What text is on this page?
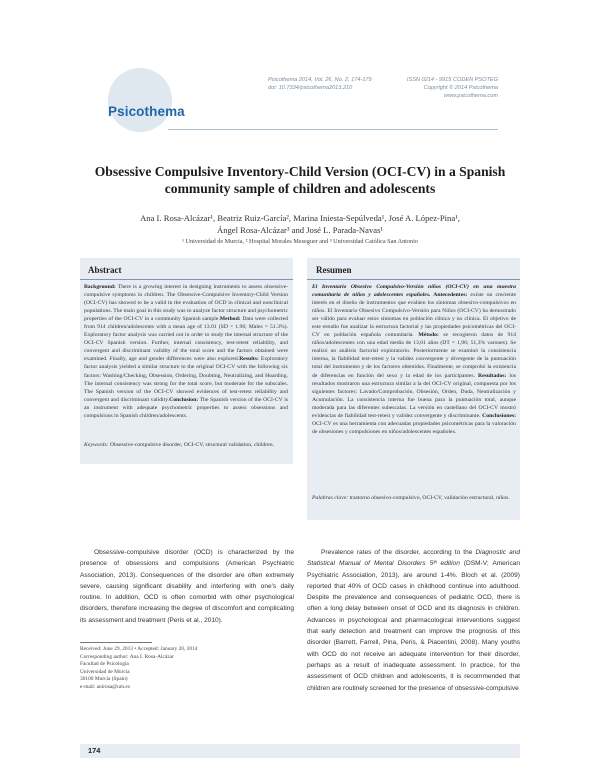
Psicothema
Psicothema 2014, Vol. 26, No. 2, 174-179
doi: 10.7334/psicothema2013.210
ISSN 0214 - 9915 CODEN PSOTEG
Copyright © 2014 Psicothema
www.psicothema.com
Obsessive Compulsive Inventory-Child Version (OCI-CV) in a Spanish
community sample of children and adolescents
Ana I. Rosa-Alcázar¹, Beatriz Ruiz-García², Marina Iniesta-Sepúlveda¹, José A. López-Pina¹,
Ángel Rosa-Alcázar³ and José L. Parada-Navas¹
¹ Universidad de Murcia, ² Hospital Morales Meseguer and ³ Universidad Católica San Antonio
Abstract
Background: There is a growing interest in designing instruments to assess obsessive-compulsive symptoms in children. The Obsessive-Compulsive Inventory-Child Version (OCI-CV) has showed to be a valid in the evaluation of OCD in clinical and nonclinical populations. The main goal in this study was to analyze factor structure and psychometric properties of the OCI-CV in a community Spanish sample.Method: Data were collected from 914 children/adolescents with a mean age of 13.01 (SD = 1.96; Males = 51.3%). Exploratory factor analysis was carried out in order to study the internal structure of the OCI-CV Spanish version. Further, internal consistency, test-retest reliability, and convergent and discriminant validity of the total score and the factors obtained were examined. Finally, age and gender differences were also explored.Results: Exploratory factor analysis yielded a similar structure to the original OCI-CV with the following six factors: Washing/Checking, Obsession, Ordering, Doubting, Neutralizing, and Hoarding. The internal consistency was strong for the total score, but moderate for the subscales. The Spanish version of the OCI-CV showed evidences of test-retest reliability and convergent and discriminant validity.Conclusion: The Spanish version of the OCI-CV is an instrument with adequate psychometric properties to assess obsessions and compulsions in Spanish children/adolescents.
Keywords: Obsessive-compulsive disorder, OCI-CV, structural validation, children.
Resumen
El Inventario Obsesivo Compulsivo-Versión niños (OCI-CV) en una muestra comunitaria de niños y adolescentes españoles. Antecedentes: existe un creciente interés en el diseño de instrumentos que evalúen los síntomas obsesivo-compulsivos en niños. El Inventario Obsesivo Compulsivo-Versión para Niños (OCI-CV) ha demostrado ser válido para evaluar estos síntomas en población clínica y no clínica. El objetivo de este estudio fue analizar la estructura factorial y las propiedades psicométricas del OCI-CV en población española comunitaria. Método: se recogieron datos de 914 niños/adolescentes con una edad media de 13,01 años (DT = 1,96; 51,3% varones). Se realizó un análisis factorial exploratorio. Posteriormente se examinó la consistencia interna, la fiabilidad test-retest y la validez convergente y divergente de la puntuación total del instrumento y de los factores obtenidos. Finalmente, se comprobó la existencia de diferencias en función del sexo y la edad de los participantes. Resultados: los resultados mostraron una estructura similar a la del OCI-CV original, compuesta por los siguientes factores: Lavado/Comprobación, Obsesión, Orden, Duda, Neutralización y Acumulación. La consistencia interna fue buena para la puntuación total, aunque moderada para las diferentes subescalas. La versión en castellano del OCI-CV mostró evidencias de fiabilidad test-retest y validez convergente y discriminante. Conclusiones: OCI-CV es una herramienta con adecuadas propiedades psicométricas para la valoración de obsesiones y compulsiones en niños/adolescentes españoles.
Palabras clave: trastorno obsesivo-compulsivo, OCI-CV, validación estructural, niños.
Obsessive-compulsive disorder (OCD) is characterized by the presence of obsessions and compulsions (American Psychiatric Association, 2013). Consequences of the disorder are often extremely severe, causing significant disability and interfering with one's daily routine. In addition, OCD is often comorbid with other psychological disorders, therefore increasing the degree of discomfort and complicating its assessment and treatment (Peris et al., 2010).
Prevalence rates of the disorder, according to the Diagnostic and Statistical Manual of Mental Disorders 5ᵗʰ edition (DSM-V; American Psychiatric Association, 2013), are around 1-4%. Bloch et al. (2009) reported that 40% of OCD cases in childhood continue into adulthood. Despite the prevalence and consequences of pediatric OCD, there is often a long delay between onset of OCD and its diagnosis in children. Advances in psychological and pharmacological interventions suggest that early detection and treatment can improve the prognosis of this disorder (Barrett, Farrell, Pina, Peris, & Piacentini, 2008). Many youths with OCD do not receive an adequate intervention for their disorder, perhaps as a result of inadequate assessment. In practice, for the assessment of OCD children and adolescents, it is recommended that children are routinely screened for the presence of obsessive-compulsive
Received: June 29, 2013 • Accepted: January 20, 2014
Corresponding author: Ana I. Rosa-Alcázar
Facultad de Psicología
Universidad de Murcia
30100 Murcia (Spain)
e-mail: anirosa@um.es
174
